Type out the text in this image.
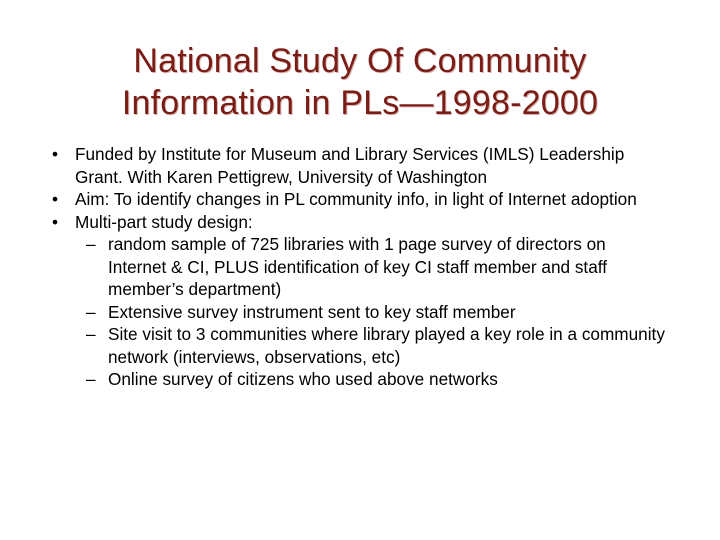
National Study Of Community
Information in PLs—1998-2000
• Funded by Institute for Museum and Library Services (IMLS) Leadership Grant. With Karen Pettigrew, University of Washington
• Aim: To identify changes in PL community info, in light of Internet adoption
• Multi-part study design:
– random sample of 725 libraries with 1 page survey of directors on Internet & CI, PLUS identification of key CI staff member and staff member’s department)
– Extensive survey instrument sent to key staff member
– Site visit to 3 communities where library played a key role in a community network (interviews, observations, etc)
– Online survey of citizens who used above networks
